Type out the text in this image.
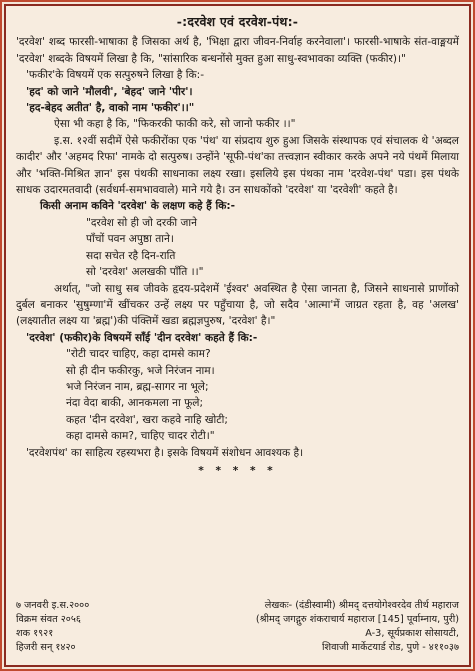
-:दरवेश एवं दरवेश-पंथ:-

'दरवेश' शब्द फारसी-भाषाका है जिसका अर्थ है, 'भिक्षा द्वारा जीवन-निर्वाह करनेवाला'। फारसी-भाषाके संत-वाङ्मयमें 'दरवेश' शब्दके विषयमें लिखा है कि, "सांसारिक बन्धनोंसे मुक्त हुआ साधु-स्वभावका व्यक्ति (फकीर)।"

'फकीर'के विषयमें एक सत्पुरुषने लिखा है कि:-

'हद' को जाने 'मौलवी', 'बेहद' जाने 'पीर'।

'हद-बेहद अतीत' है, वाको नाम 'फकीर'।।"

ऐसा भी कहा है कि, "फिकरकी फाकी करे, सो जानो फकीर ।।"

इ.स. १२वीं सदीमें ऐसे फकीरोंका एक 'पंथ' या संप्रदाय शुरु हुआ जिसके संस्थापक एवं संचालक थे 'अब्दल कादीर' और 'अहमद रिफा' नामके दो सत्पुरुष। उन्होंने 'सूफी-पंथ'का तत्त्वज्ञान स्वीकार करके अपने नये पंथमें मिलाया और 'भक्ति-मिश्रित ज्ञान' इस पंथकी साधनाका लक्ष्य रखा। इसलिये इस पंथका नाम 'दरवेश-पंथ' पडा। इस पंथके साधक उदारमतवादी (सर्वधर्म-समभाववाले) माने गये है। उन साधकोंको 'दरवेश' या 'दरवेशी' कहते है।

किसी अनाम कविने 'दरवेश' के लक्षण कहे हैं कि:-

"दरवेश सो ही जो दरकी जाने
पाँचों पवन अपुष्ठा ताने।
सदा सचेत रहै दिन-राति
सो 'दरवेश' अलखकी पाँति ।।"

अर्थात्, "जो साधु सब जीवके हृदय-प्रदेशमें 'ईश्वर' अवस्थित है ऐसा जानता है, जिसने साधनासे प्राणोंको दुर्बल बनाकर 'सुषुम्णा'में खींचकर उन्हें लक्ष्य पर पहुँचाया है, जो सदैव 'आत्मा'में जाग्रत रहता है, वह 'अलख' (लक्ष्यातीत लक्ष्य या 'ब्रह्म')की पंक्तिमें खडा ब्रह्मज्ञपुरुष, 'दरवेश' है।"

'दरवेश' (फकीर)के विषयमें साँई 'दीन दरवेश' कहते हैं कि:-

"रोटी चादर चाहिए, कहा दामसे काम?
सो ही दीन फकीरकु, भजे निरंजन नाम।
भजे निरंजन नाम, ब्रह्म-सागर ना भूले;
नंदा वेदा बाकी, आनकमला ना फूले;
कहत 'दीन दरवेश', खरा कहवे नाहि खोटी;
कहा दामसे काम?, चाहिए चादर रोटी।"

'दरवेशपंथ' का साहित्य रहस्यभरा है। इसके विषयमें संशोधन आवश्यक है।

* * * * *
७ जनवरी इ.स.२०००	लेखकः- (दंडीस्वामी) श्रीमद् दत्तयोगेश्वरदेव तीर्थ महाराज
विक्रम संवत २०५६	(श्रीमद् जगद्गुरु शंकराचार्य महाराज [145] पूर्वाम्नाय, पुरी)
शक १९२१	A-3, सूर्यप्रकाश सोसायटी,
हिजरी सन् १४२०	शिवाजी मार्केटयार्ड रोड, पुणे - ४११०३७
